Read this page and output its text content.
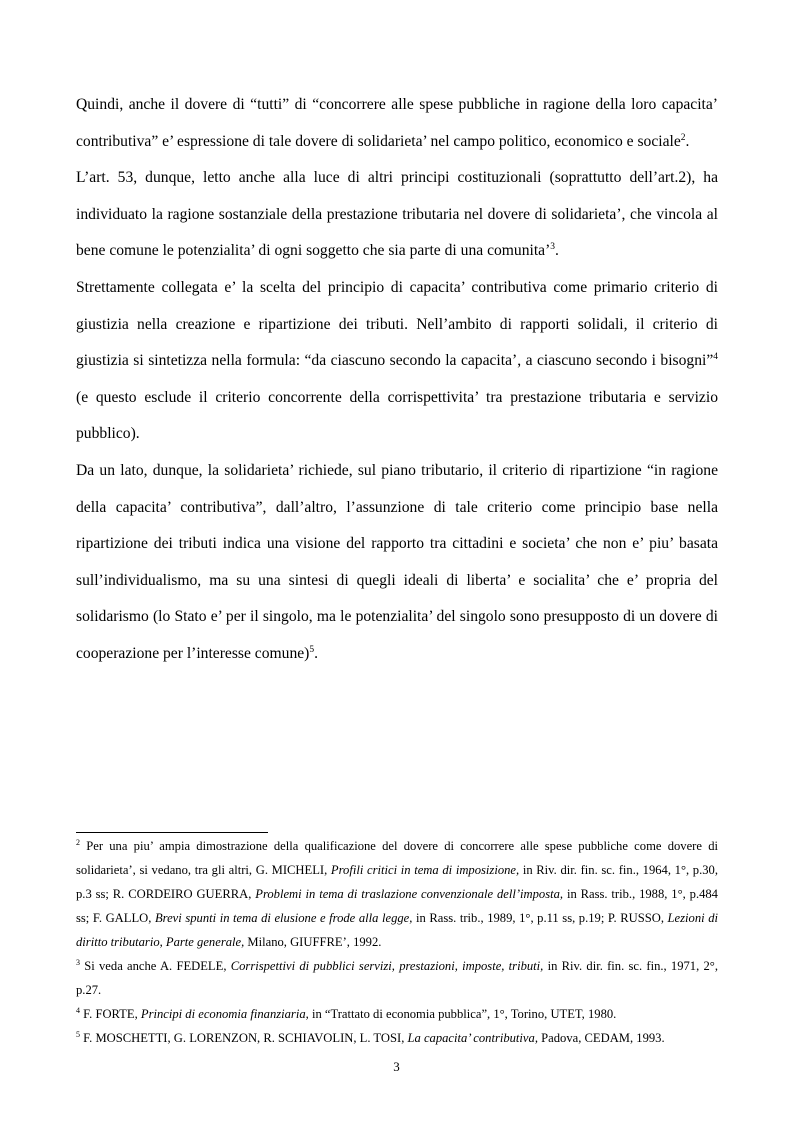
Quindi, anche il dovere di “tutti” di “concorrere alle spese pubbliche in ragione della loro capacita’ contributiva” e’ espressione di tale dovere di solidarieta’ nel campo politico, economico e sociale$^2$.

L’art. 53, dunque, letto anche alla luce di altri principi costituzionali (soprattutto dell’art.2), ha individuato la ragione sostanziale della prestazione tributaria nel dovere di solidarieta’, che vincola al bene comune le potenzialita’ di ogni soggetto che sia parte di una comunita’$^3$.

Strettamente collegata e’ la scelta del principio di capacita’ contributiva come primario criterio di giustizia nella creazione e ripartizione dei tributi. Nell’ambito di rapporti solidali, il criterio di giustizia si sintetizza nella formula: “da ciascuno secondo la capacita’, a ciascuno secondo i bisogni”$^4$ (e questo esclude il criterio concorrente della corrispettivita’ tra prestazione tributaria e servizio pubblico).

Da un lato, dunque, la solidarieta’ richiede, sul piano tributario, il criterio di ripartizione “in ragione della capacita’ contributiva”, dall’altro, l’assunzione di tale criterio come principio base nella ripartizione dei tributi indica una visione del rapporto tra cittadini e societa’ che non e’ piu’ basata sull’individualismo, ma su una sintesi di quegli ideali di liberta’ e socialita’ che e’ propria del solidarismo (lo Stato e’ per il singolo, ma le potenzialita’ del singolo sono presupposto di un dovere di cooperazione per l’interesse comune)$^5$.

$^2$ Per una piu’ ampia dimostrazione della qualificazione del dovere di concorrere alle spese pubbliche come dovere di solidarieta’, si vedano, tra gli altri, G. MICHELI, Profili critici in tema di imposizione, in Riv. dir. fin. sc. fin., 1964, 1°, p.30, p.3 ss; R. CORDEIRO GUERRA, Problemi in tema di traslazione convenzionale dell’imposta, in Rass. trib., 1988, 1°, p.484 ss; F. GALLO, Brevi spunti in tema di elusione e frode alla legge, in Rass. trib., 1989, 1°, p.11 ss, p.19; P. RUSSO, Lezioni di diritto tributario, Parte generale, Milano, GIUFFRE’, 1992.

$^3$ Si veda anche A. FEDELE, Corrispettivi di pubblici servizi, prestazioni, imposte, tributi, in Riv. dir. fin. sc. fin., 1971, 2°, p.27.

$^4$ F. FORTE, Principi di economia finanziaria, in “Trattato di economia pubblica”, 1°, Torino, UTET, 1980.

$^5$ F. MOSCHETTI, G. LORENZON, R. SCHIAVOLIN, L. TOSI, La capacita’ contributiva, Padova, CEDAM, 1993.

3
